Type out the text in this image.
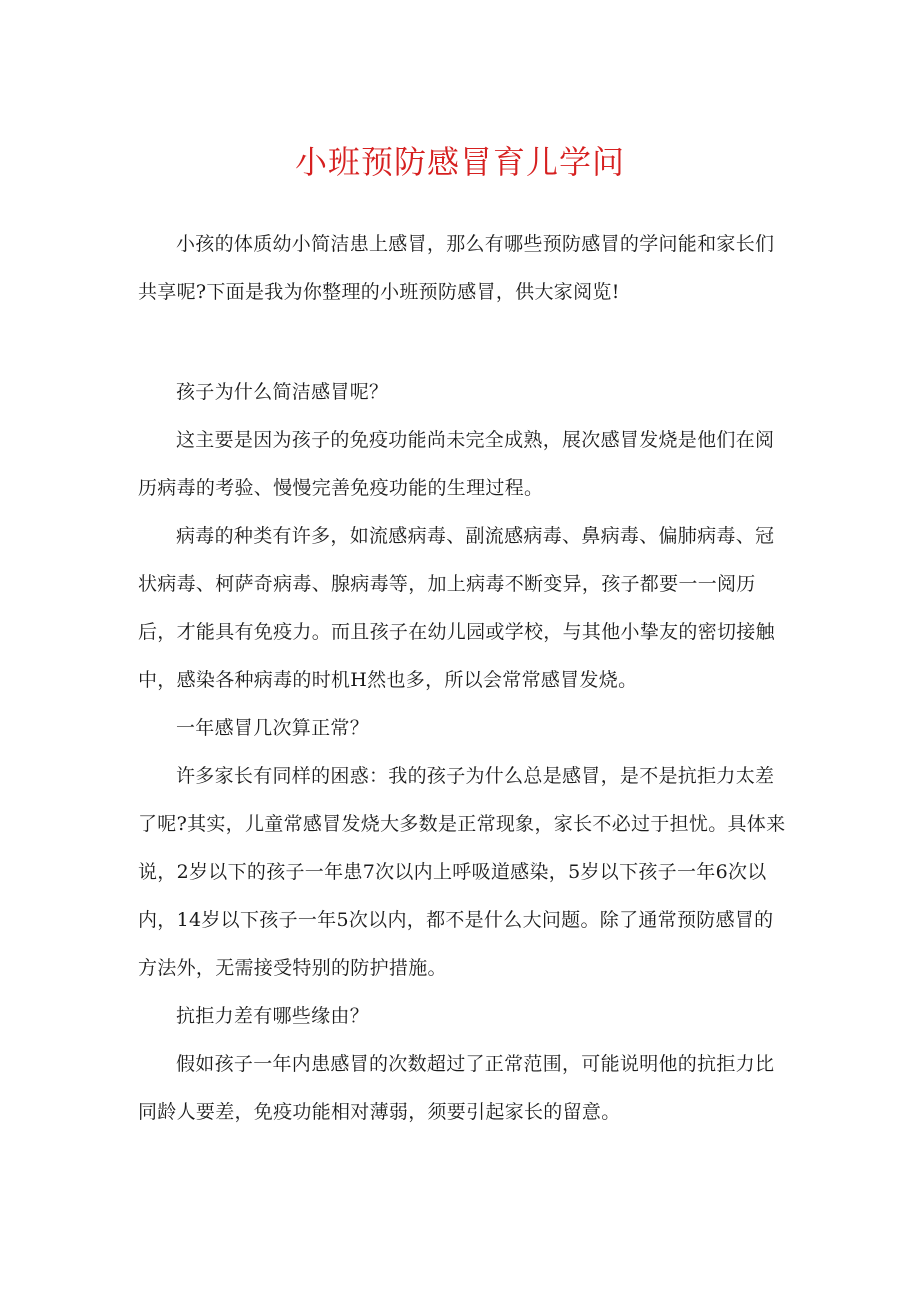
小班预防感冒育儿学问

小孩的体质幼小简洁患上感冒，那么有哪些预防感冒的学问能和家长们共享呢?下面是我为你整理的小班预防感冒，供大家阅览!

孩子为什么简洁感冒呢？

这主要是因为孩子的免疫功能尚未完全成熟，展次感冒发烧是他们在阅历病毒的考验、慢慢完善免疫功能的生理过程。

病毒的种类有许多，如流感病毒、副流感病毒、鼻病毒、偏肺病毒、冠状病毒、柯萨奇病毒、腺病毒等，加上病毒不断变异，孩子都要一一阅历后，才能具有免疫力。而且孩子在幼儿园或学校，与其他小挚友的密切接触中，感染各种病毒的时机H然也多，所以会常常感冒发烧。

一年感冒几次算正常？

许多家长有同样的困惑：我的孩子为什么总是感冒，是不是抗拒力太差了呢?其实，儿童常感冒发烧大多数是正常现象，家长不必过于担忧。具体来说，2岁以下的孩子一年患7次以内上呼吸道感染，5岁以下孩子一年6次以内，14岁以下孩子一年5次以内，都不是什么大问题。除了通常预防感冒的方法外，无需接受特别的防护措施。

抗拒力差有哪些缘由？

假如孩子一年内患感冒的次数超过了正常范围，可能说明他的抗拒力比同龄人要差，免疫功能相对薄弱，须要引起家长的留意。
